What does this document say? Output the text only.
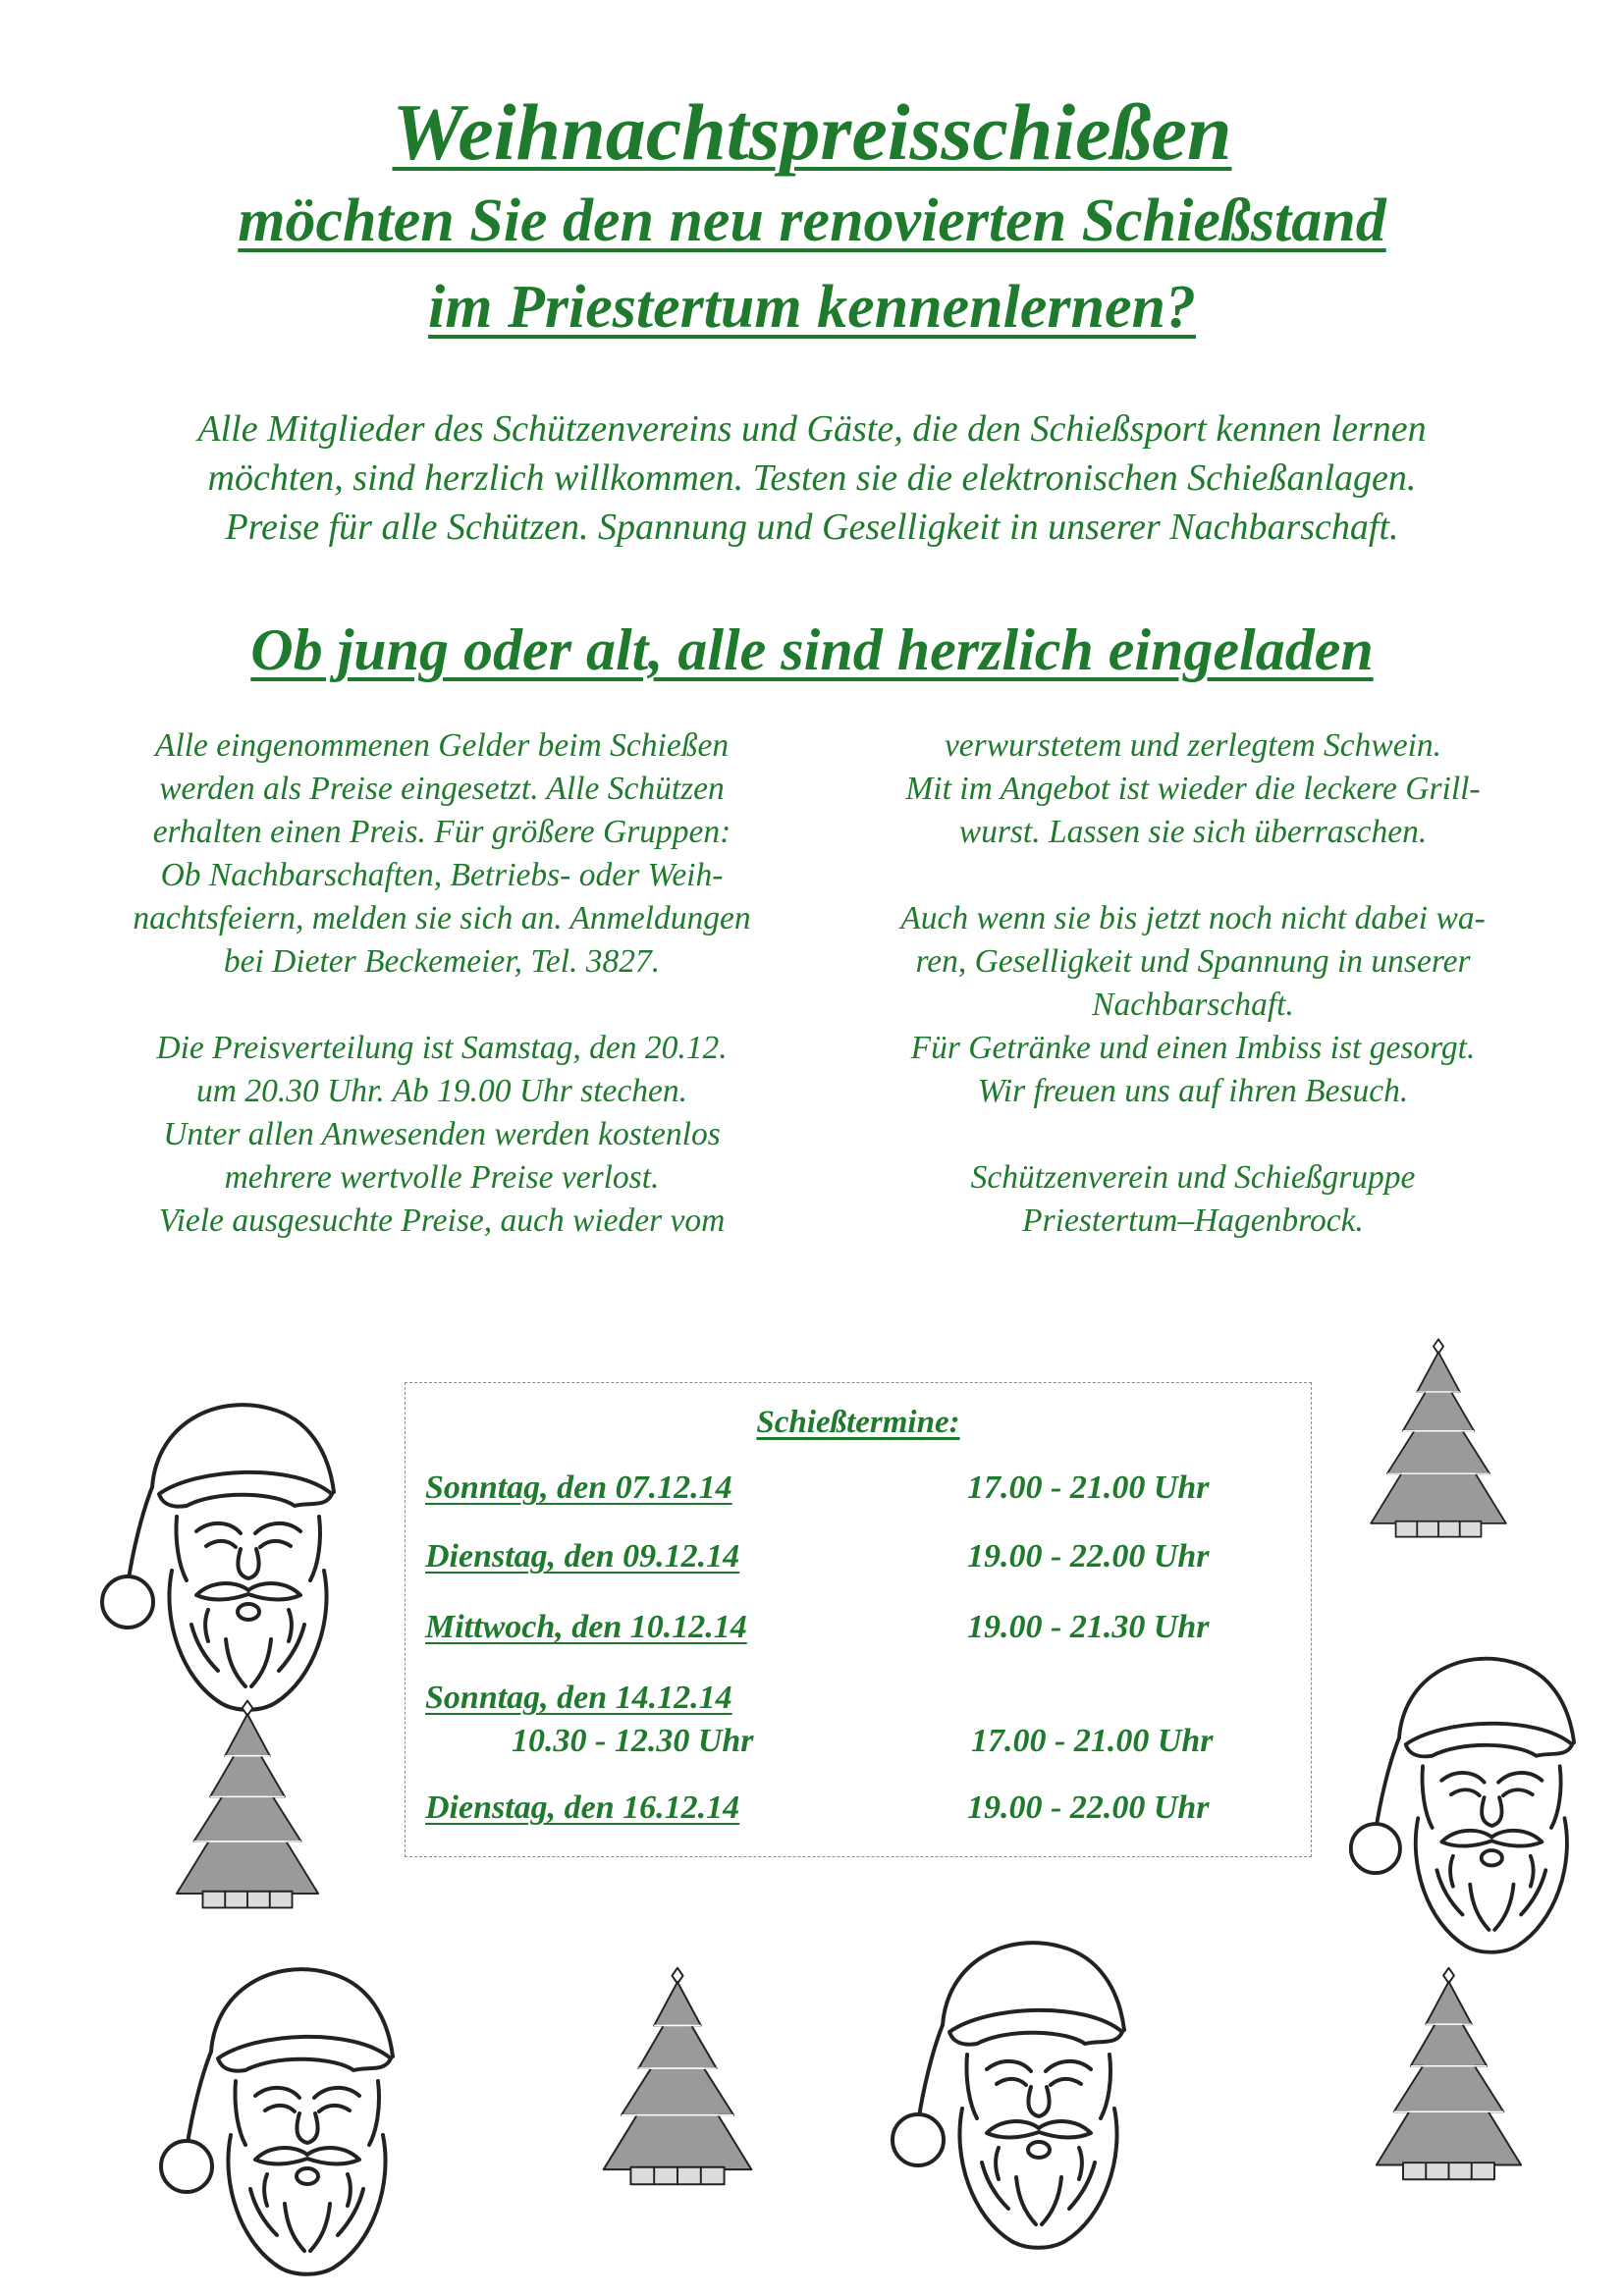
Weihnachtspreisschießen
möchten Sie den neu renovierten Schießstand
im Priestertum kennenlernen?
Alle Mitglieder des Schützenvereins und Gäste, die den Schießsport kennen lernen
möchten, sind herzlich willkommen. Testen sie die elektronischen Schießanlagen.
Preise für alle Schützen. Spannung und Geselligkeit in unserer Nachbarschaft.
Ob jung oder alt, alle sind herzlich eingeladen

Alle eingenommenen Gelder beim Schießen

werden als Preise eingesetzt. Alle Schützen

erhalten einen Preis. Für größere Gruppen:

Ob Nachbarschaften, Betriebs- oder Weih-

nachtsfeiern, melden sie sich an. Anmeldungen

bei Dieter Beckemeier, Tel. 3827.

Die Preisverteilung ist Samstag, den 20.12.

um 20.30 Uhr. Ab 19.00 Uhr stechen.

Unter allen Anwesenden werden kostenlos

mehrere wertvolle Preise verlost.

Viele ausgesuchte Preise, auch wieder vom

verwurstetem und zerlegtem Schwein.

Mit im Angebot ist wieder die leckere Grill-

wurst. Lassen sie sich überraschen.

Auch wenn sie bis jetzt noch nicht dabei wa-

ren, Geselligkeit und Spannung in unserer

Nachbarschaft.

Für Getränke und einen Imbiss ist gesorgt.

Wir freuen uns auf ihren Besuch.

Schützenverein und Schießgruppe

Priestertum–Hagenbrock.

Schießtermine:
Sonntag, den 07.12.14	17.00 - 21.00 Uhr
Dienstag, den 09.12.14	19.00 - 22.00 Uhr
Mittwoch, den 10.12.14	19.00 - 21.30 Uhr
Sonntag, den 14.12.14
10.30 - 12.30 Uhr	17.00 - 21.00 Uhr
Dienstag, den 16.12.14	19.00 - 22.00 Uhr
